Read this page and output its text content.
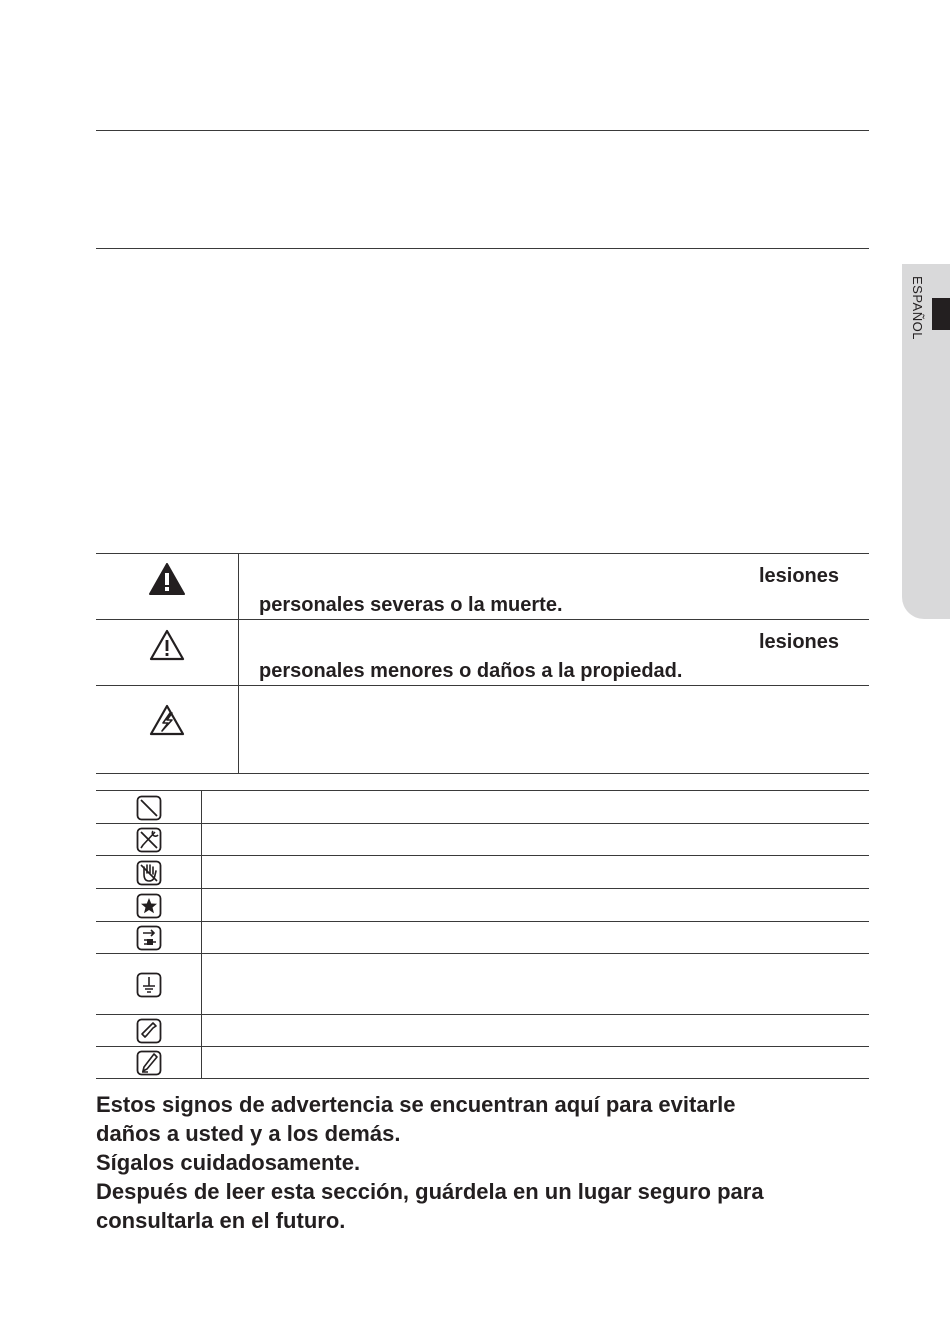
ESPAÑOL
lesiones
personales severas o la muerte.
lesiones
personales menores o daños a la propiedad.
Estos signos de advertencia se encuentran aquí para evitarle
daños a usted y a los demás.
Sígalos cuidadosamente.
Después de leer esta sección, guárdela en un lugar seguro para
consultarla en el futuro.
